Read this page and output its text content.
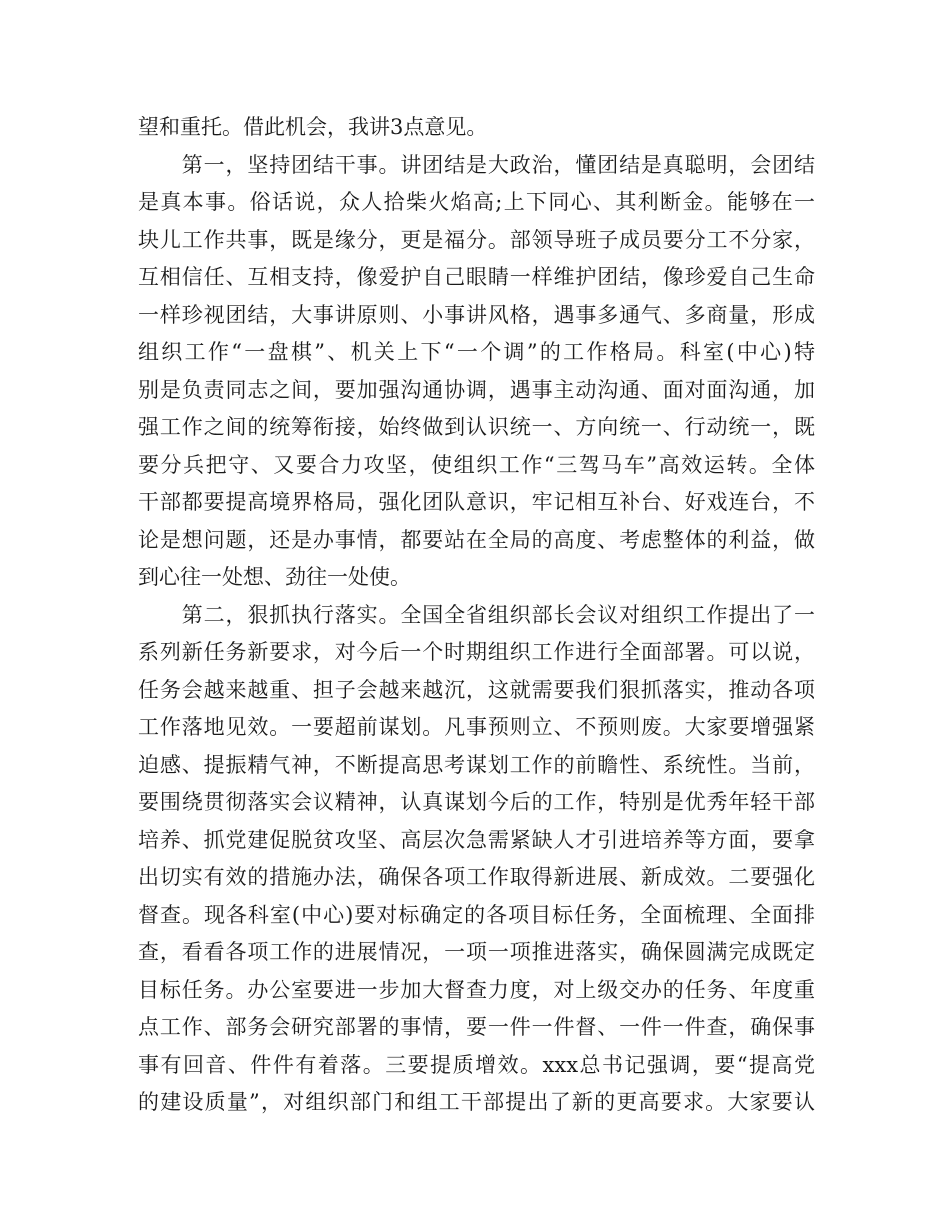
望和重托。借此机会，我讲3点意见。
　　第一，坚持团结干事。讲团结是大政治，懂团结是真聪明，会团结
是真本事。俗话说，众人拾柴火焰高;上下同心、其利断金。能够在一
块儿工作共事，既是缘分，更是福分。部领导班子成员要分工不分家，
互相信任、互相支持，像爱护自己眼睛一样维护团结，像珍爱自己生命
一样珍视团结，大事讲原则、小事讲风格，遇事多通气、多商量，形成
组织工作“一盘棋”、机关上下“一个调”的工作格局。科室(中心)特
别是负责同志之间，要加强沟通协调，遇事主动沟通、面对面沟通，加
强工作之间的统筹衔接，始终做到认识统一、方向统一、行动统一，既
要分兵把守、又要合力攻坚，使组织工作“三驾马车”高效运转。全体
干部都要提高境界格局，强化团队意识，牢记相互补台、好戏连台，不
论是想问题，还是办事情，都要站在全局的高度、考虑整体的利益，做
到心往一处想、劲往一处使。
　　第二，狠抓执行落实。全国全省组织部长会议对组织工作提出了一
系列新任务新要求，对今后一个时期组织工作进行全面部署。可以说，
任务会越来越重、担子会越来越沉，这就需要我们狠抓落实，推动各项
工作落地见效。一要超前谋划。凡事预则立、不预则废。大家要增强紧
迫感、提振精气神，不断提高思考谋划工作的前瞻性、系统性。当前，
要围绕贯彻落实会议精神，认真谋划今后的工作，特别是优秀年轻干部
培养、抓党建促脱贫攻坚、高层次急需紧缺人才引进培养等方面，要拿
出切实有效的措施办法，确保各项工作取得新进展、新成效。二要强化
督查。现各科室(中心)要对标确定的各项目标任务，全面梳理、全面排
查，看看各项工作的进展情况，一项一项推进落实，确保圆满完成既定
目标任务。办公室要进一步加大督查力度，对上级交办的任务、年度重
点工作、部务会研究部署的事情，要一件一件督、一件一件查，确保事
事有回音、件件有着落。三要提质增效。xxx总书记强调，要“提高党
的建设质量”，对组织部门和组工干部提出了新的更高要求。大家要认
